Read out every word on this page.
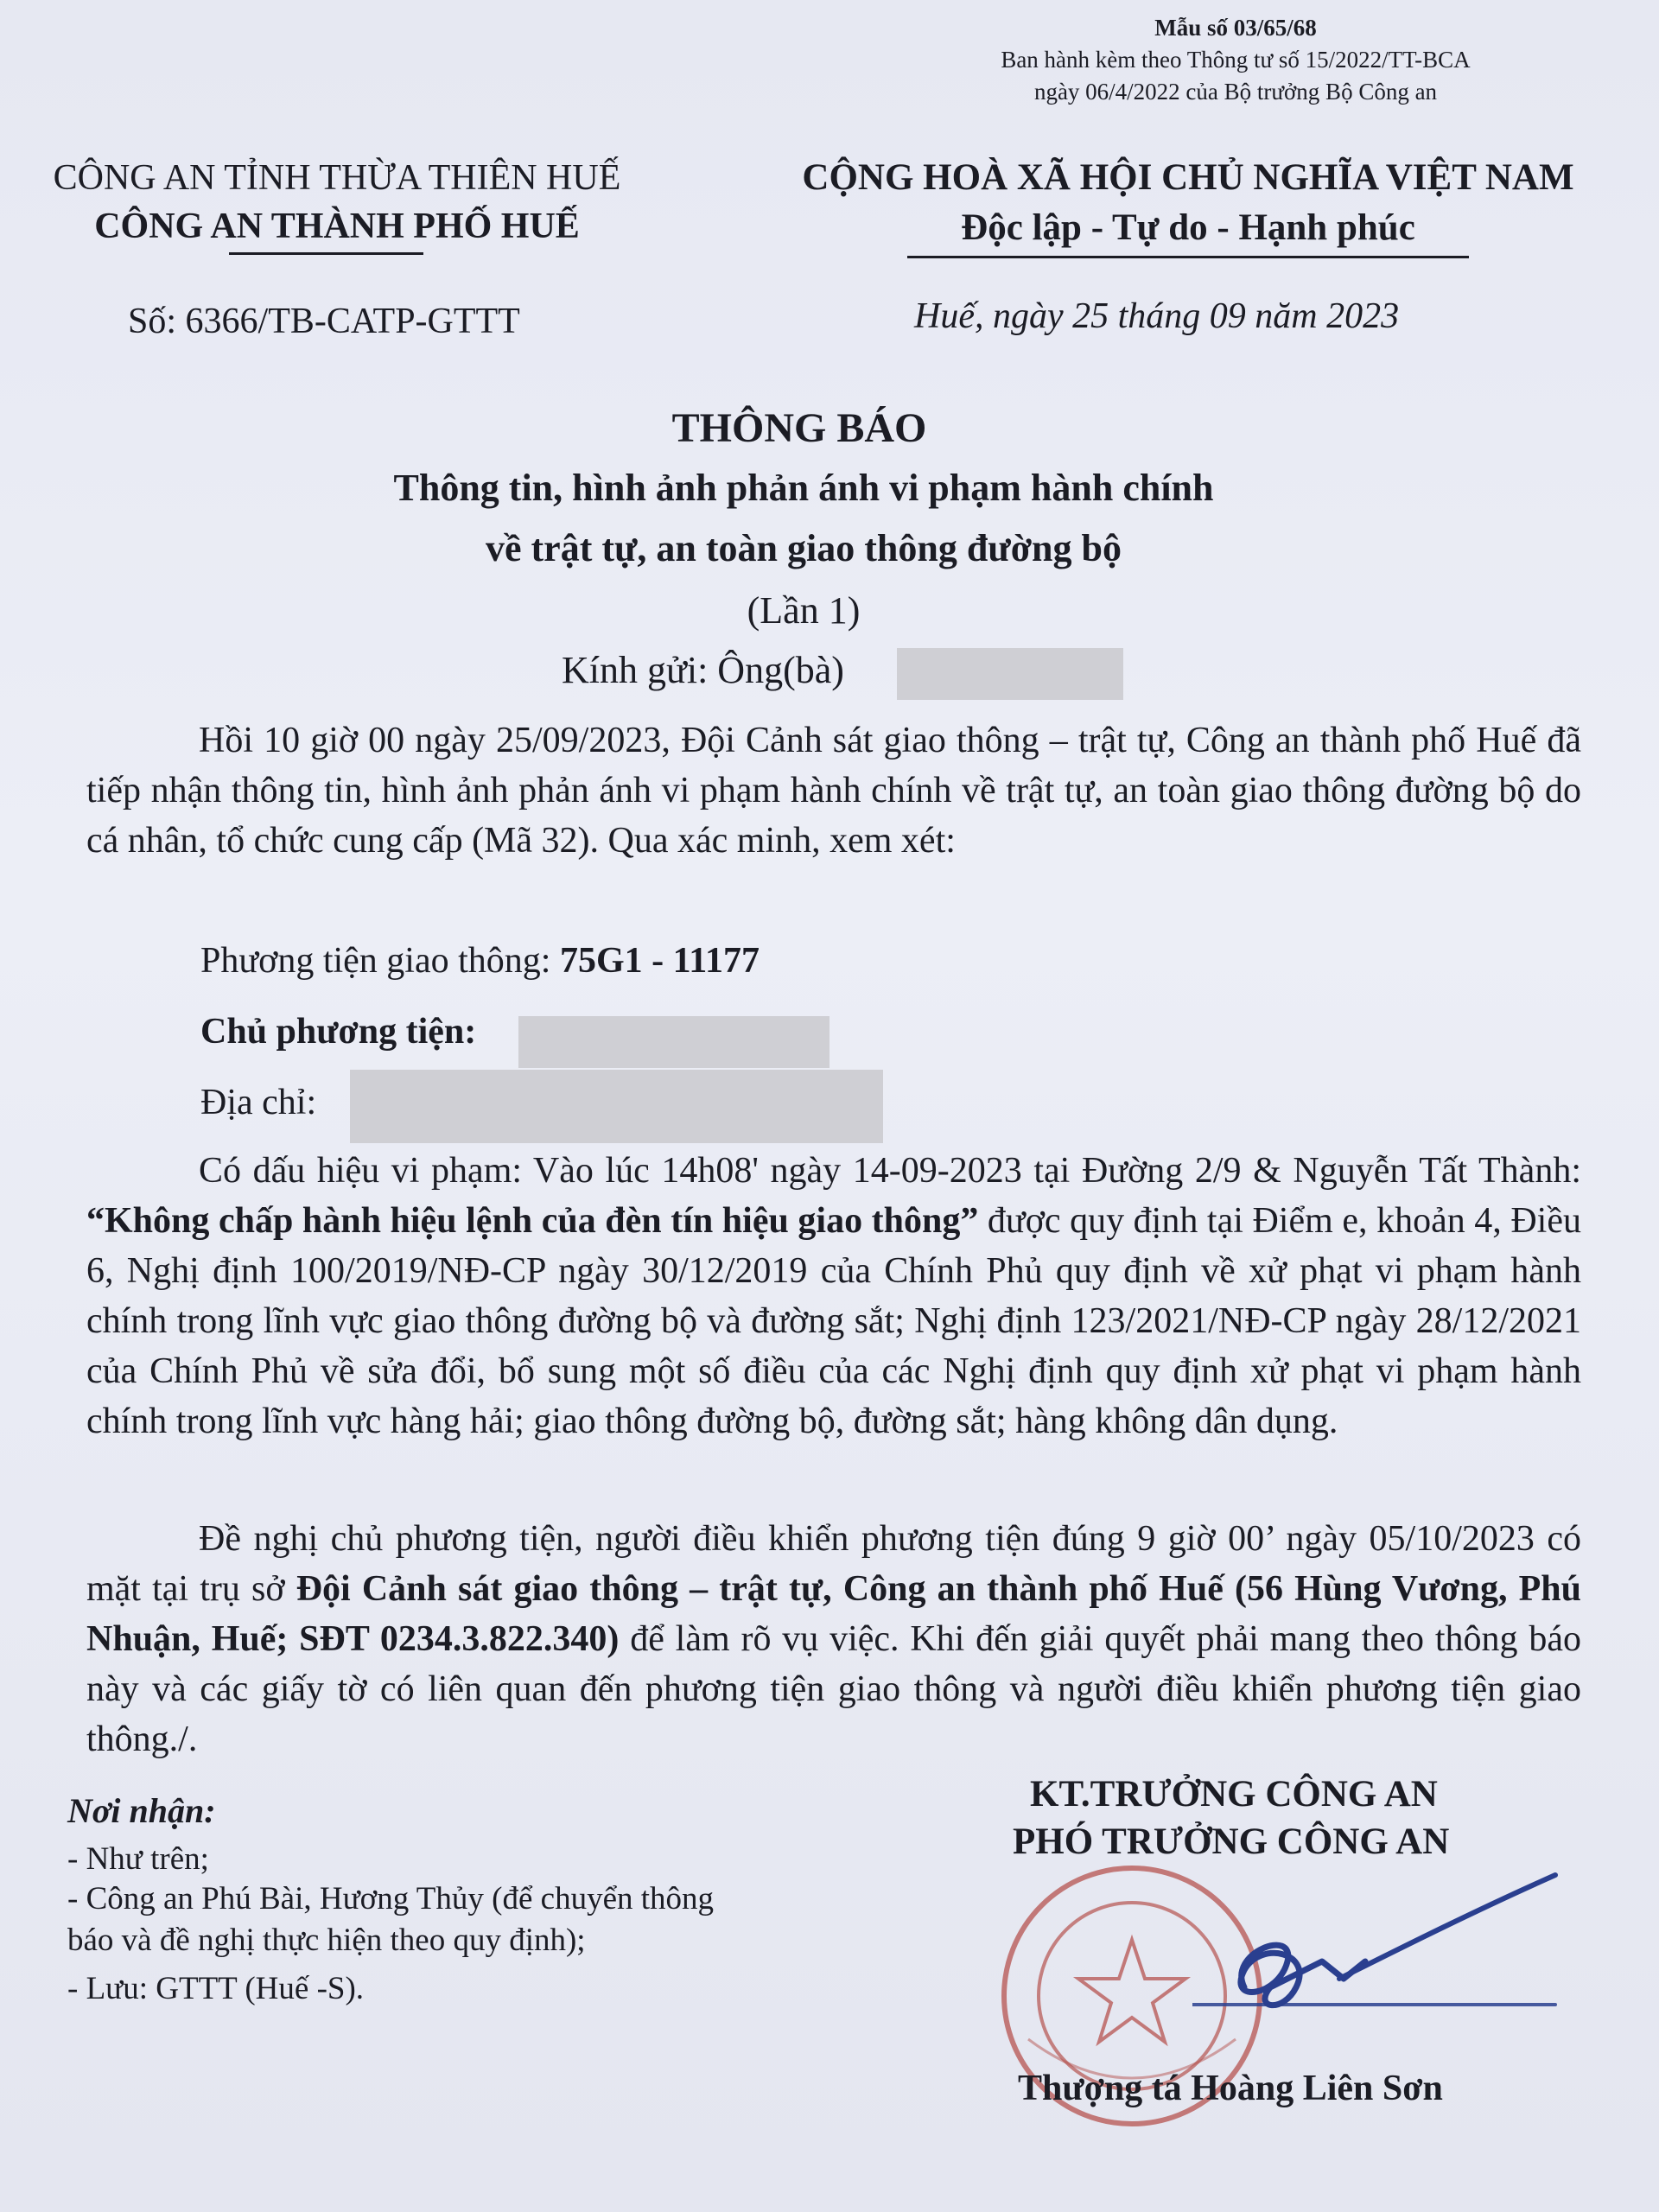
Mẫu số 03/65/68
Ban hành kèm theo Thông tư số 15/2022/TT-BCA
ngày 06/4/2022 của Bộ trưởng Bộ Công an
CÔNG AN TỈNH THỪA THIÊN HUẾ
CÔNG AN THÀNH PHỐ HUẾ
CỘNG HOÀ XÃ HỘI CHỦ NGHĨA VIỆT NAM
Độc lập - Tự do - Hạnh phúc
Số: 6366/TB-CATP-GTTT	Huế, ngày 25 tháng 09 năm 2023
THÔNG BÁO
Thông tin, hình ảnh phản ánh vi phạm hành chính
về trật tự, an toàn giao thông đường bộ
(Lần 1)
Kính gửi: Ông(bà)
Hồi 10 giờ 00 ngày 25/09/2023, Đội Cảnh sát giao thông – trật tự, Công an thành phố Huế đã tiếp nhận thông tin, hình ảnh phản ánh vi phạm hành chính về trật tự, an toàn giao thông đường bộ do cá nhân, tổ chức cung cấp (Mã 32). Qua xác minh, xem xét:
Phương tiện giao thông: 75G1 - 11177
Chủ phương tiện:
Địa chỉ:
Có dấu hiệu vi phạm: Vào lúc 14h08' ngày 14-09-2023 tại Đường 2/9 & Nguyễn Tất Thành: “Không chấp hành hiệu lệnh của đèn tín hiệu giao thông” được quy định tại Điểm e, khoản 4, Điều 6, Nghị định 100/2019/NĐ-CP ngày 30/12/2019 của Chính Phủ quy định về xử phạt vi phạm hành chính trong lĩnh vực giao thông đường bộ và đường sắt; Nghị định 123/2021/NĐ-CP ngày 28/12/2021 của Chính Phủ về sửa đổi, bổ sung một số điều của các Nghị định quy định xử phạt vi phạm hành chính trong lĩnh vực hàng hải; giao thông đường bộ, đường sắt; hàng không dân dụng.
Đề nghị chủ phương tiện, người điều khiển phương tiện đúng 9 giờ 00’ ngày 05/10/2023 có mặt tại trụ sở Đội Cảnh sát giao thông – trật tự, Công an thành phố Huế (56 Hùng Vương, Phú Nhuận, Huế; SĐT 0234.3.822.340) để làm rõ vụ việc. Khi đến giải quyết phải mang theo thông báo này và các giấy tờ có liên quan đến phương tiện giao thông và người điều khiển phương tiện giao thông./.
Nơi nhận:
- Như trên;
- Công an Phú Bài, Hương Thủy (để chuyển thông
báo và đề nghị thực hiện theo quy định);
- Lưu: GTTT (Huế -S).
KT.TRƯỞNG CÔNG AN
PHÓ TRƯỞNG CÔNG AN
Thượng tá Hoàng Liên Sơn
